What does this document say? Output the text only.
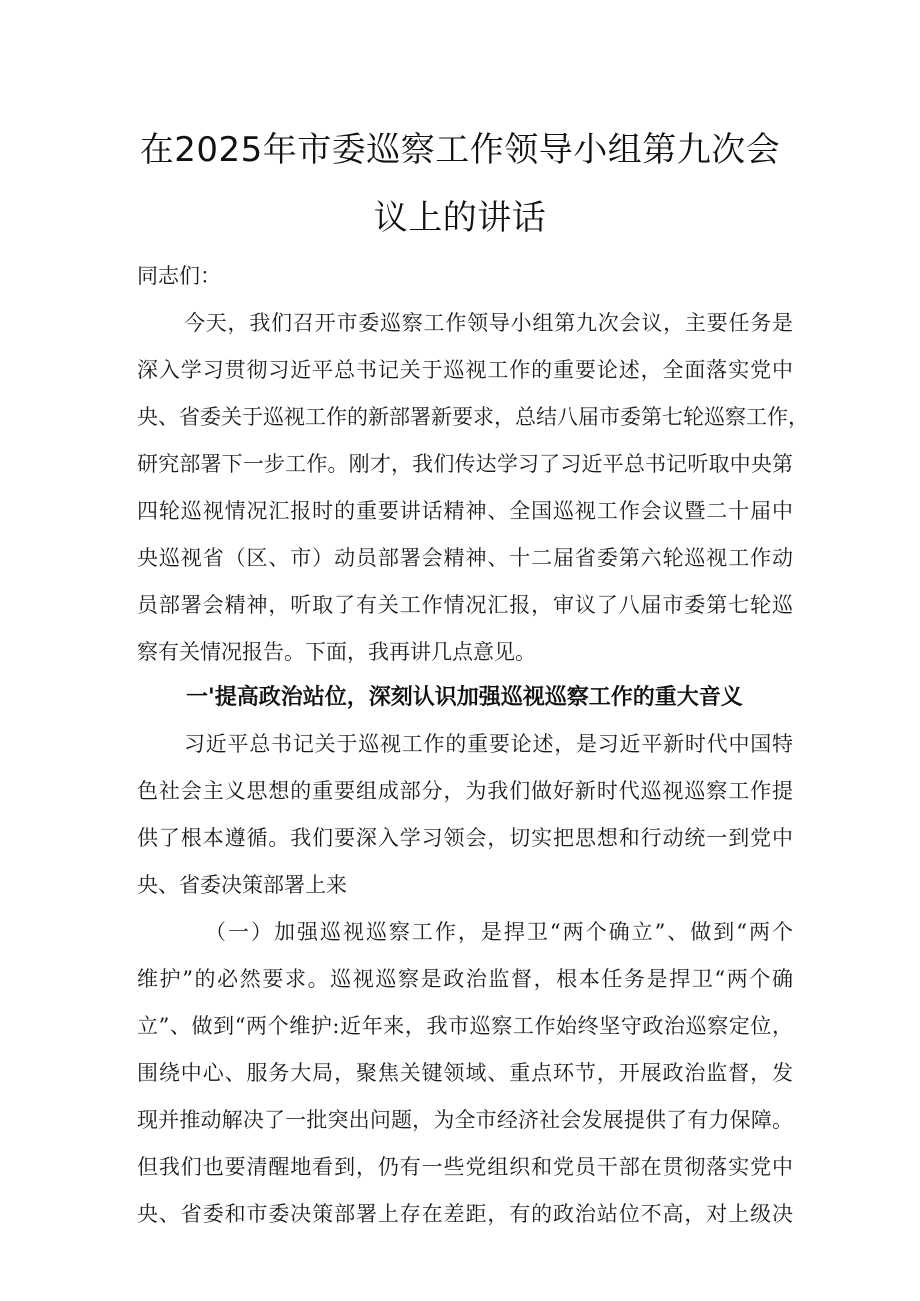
在2025年市委巡察工作领导小组第九次会
议上的讲话
同志们：
今天，我们召开市委巡察工作领导小组第九次会议，主要任务是
深入学习贯彻习近平总书记关于巡视工作的重要论述，全面落实党中
央、省委关于巡视工作的新部署新要求，总结八届市委第七轮巡察工作，
研究部署下一步工作。刚才，我们传达学习了习近平总书记听取中央第
四轮巡视情况汇报时的重要讲话精神、全国巡视工作会议暨二十届中
央巡视省（区、市）动员部署会精神、十二届省委第六轮巡视工作动
员部署会精神，听取了有关工作情况汇报，审议了八届市委第七轮巡
察有关情况报告。下面，我再讲几点意见。
一'提高政治站位，深刻认识加强巡视巡察工作的重大音义
习近平总书记关于巡视工作的重要论述，是习近平新时代中国特
色社会主义思想的重要组成部分，为我们做好新时代巡视巡察工作提
供了根本遵循。我们要深入学习领会，切实把思想和行动统一到党中
央、省委决策部署上来
（一）加强巡视巡察工作，是捍卫“两个确立”、做到“两个
维护”的必然要求。巡视巡察是政治监督，根本任务是捍卫“两个确
立”、做到“两个维护:近年来，我市巡察工作始终坚守政治巡察定位，
围绕中心、服务大局，聚焦关键领域、重点环节，开展政治监督，发
现并推动解决了一批突出问题，为全市经济社会发展提供了有力保障。
但我们也要清醒地看到，仍有一些党组织和党员干部在贯彻落实党中
央、省委和市委决策部署上存在差距，有的政治站位不高，对上级决
